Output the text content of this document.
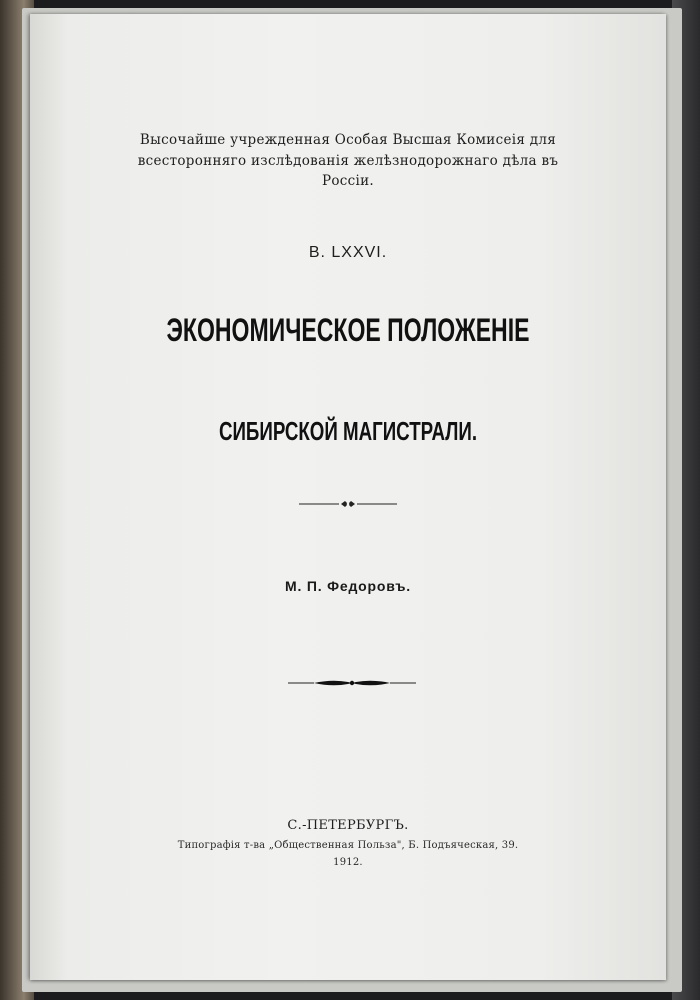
Высочайше учрежденная Особая Высшая Комисеія для
всесторонняго изслѣдованія желѣзнодорожнаго дѣла въ
Россіи.
В. LXXVI.
ЭКОНОМИЧЕСКОЕ ПОЛОЖЕНІЕ
СИБИРСКОЙ МАГИСТРАЛИ.
М. П. Федоровъ.
С.-ПЕТЕРБУРГЪ.
Типографія т-ва „Общественная Польза", Б. Подъяческая, 39.
1912.
